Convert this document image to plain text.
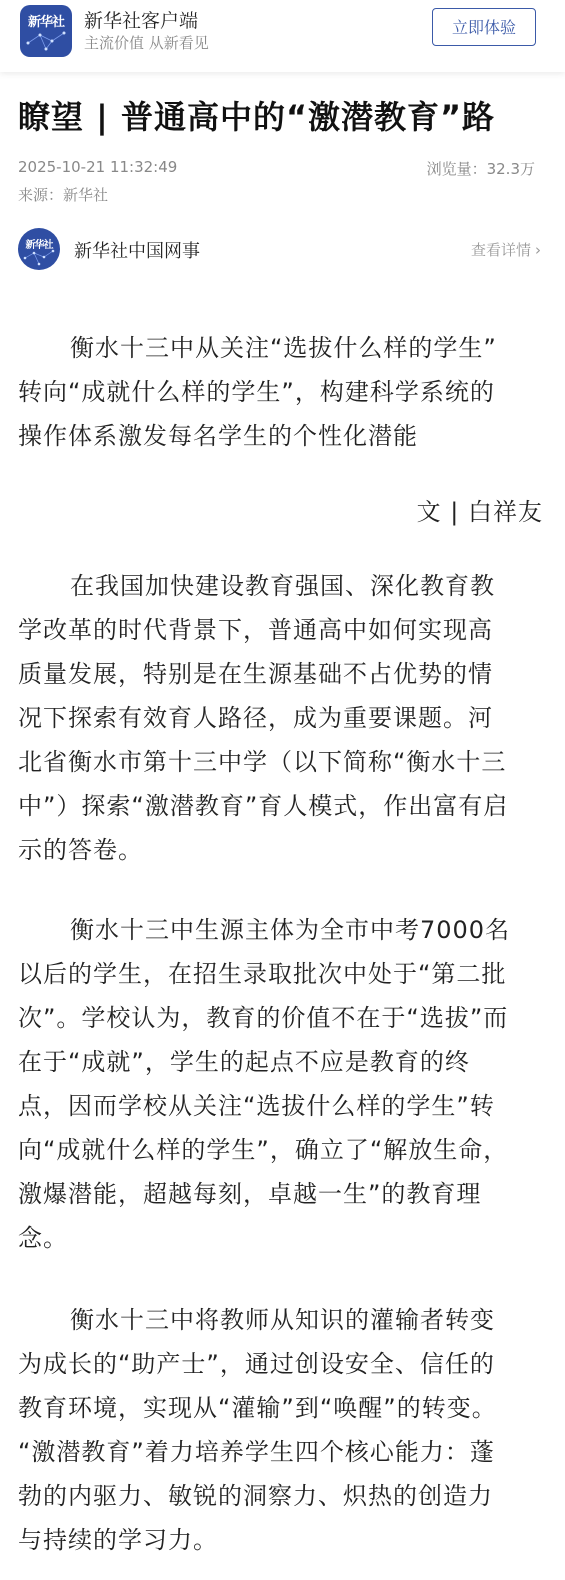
新华社	新华社客户端
主流价值 从新看见
立即体验
瞭望 | 普通高中的“激潜教育”路
2025-10-21 11:32:49	浏览量：32.3万
来源：新华社
新华社	新华社中国网事	查看详情 ›
衡水十三中从关注“选拔什么样的学生”
转向“成就什么样的学生”，构建科学系统的
操作体系激发每名学生的个性化潜能
文 | 白祥友
在我国加快建设教育强国、深化教育教
学改革的时代背景下，普通高中如何实现高
质量发展，特别是在生源基础不占优势的情
况下探索有效育人路径，成为重要课题。河
北省衡水市第十三中学（以下简称“衡水十三
中”）探索“激潜教育”育人模式，作出富有启
示的答卷。
衡水十三中生源主体为全市中考7000名
以后的学生，在招生录取批次中处于“第二批
次”。学校认为，教育的价值不在于“选拔”而
在于“成就”，学生的起点不应是教育的终
点，因而学校从关注“选拔什么样的学生”转
向“成就什么样的学生”，确立了“解放生命，
激爆潜能，超越每刻，卓越一生”的教育理
念。
衡水十三中将教师从知识的灌输者转变
为成长的“助产士”，通过创设安全、信任的
教育环境，实现从“灌输”到“唤醒”的转变。
“激潜教育”着力培养学生四个核心能力：蓬
勃的内驱力、敏锐的洞察力、炽热的创造力
与持续的学习力。
